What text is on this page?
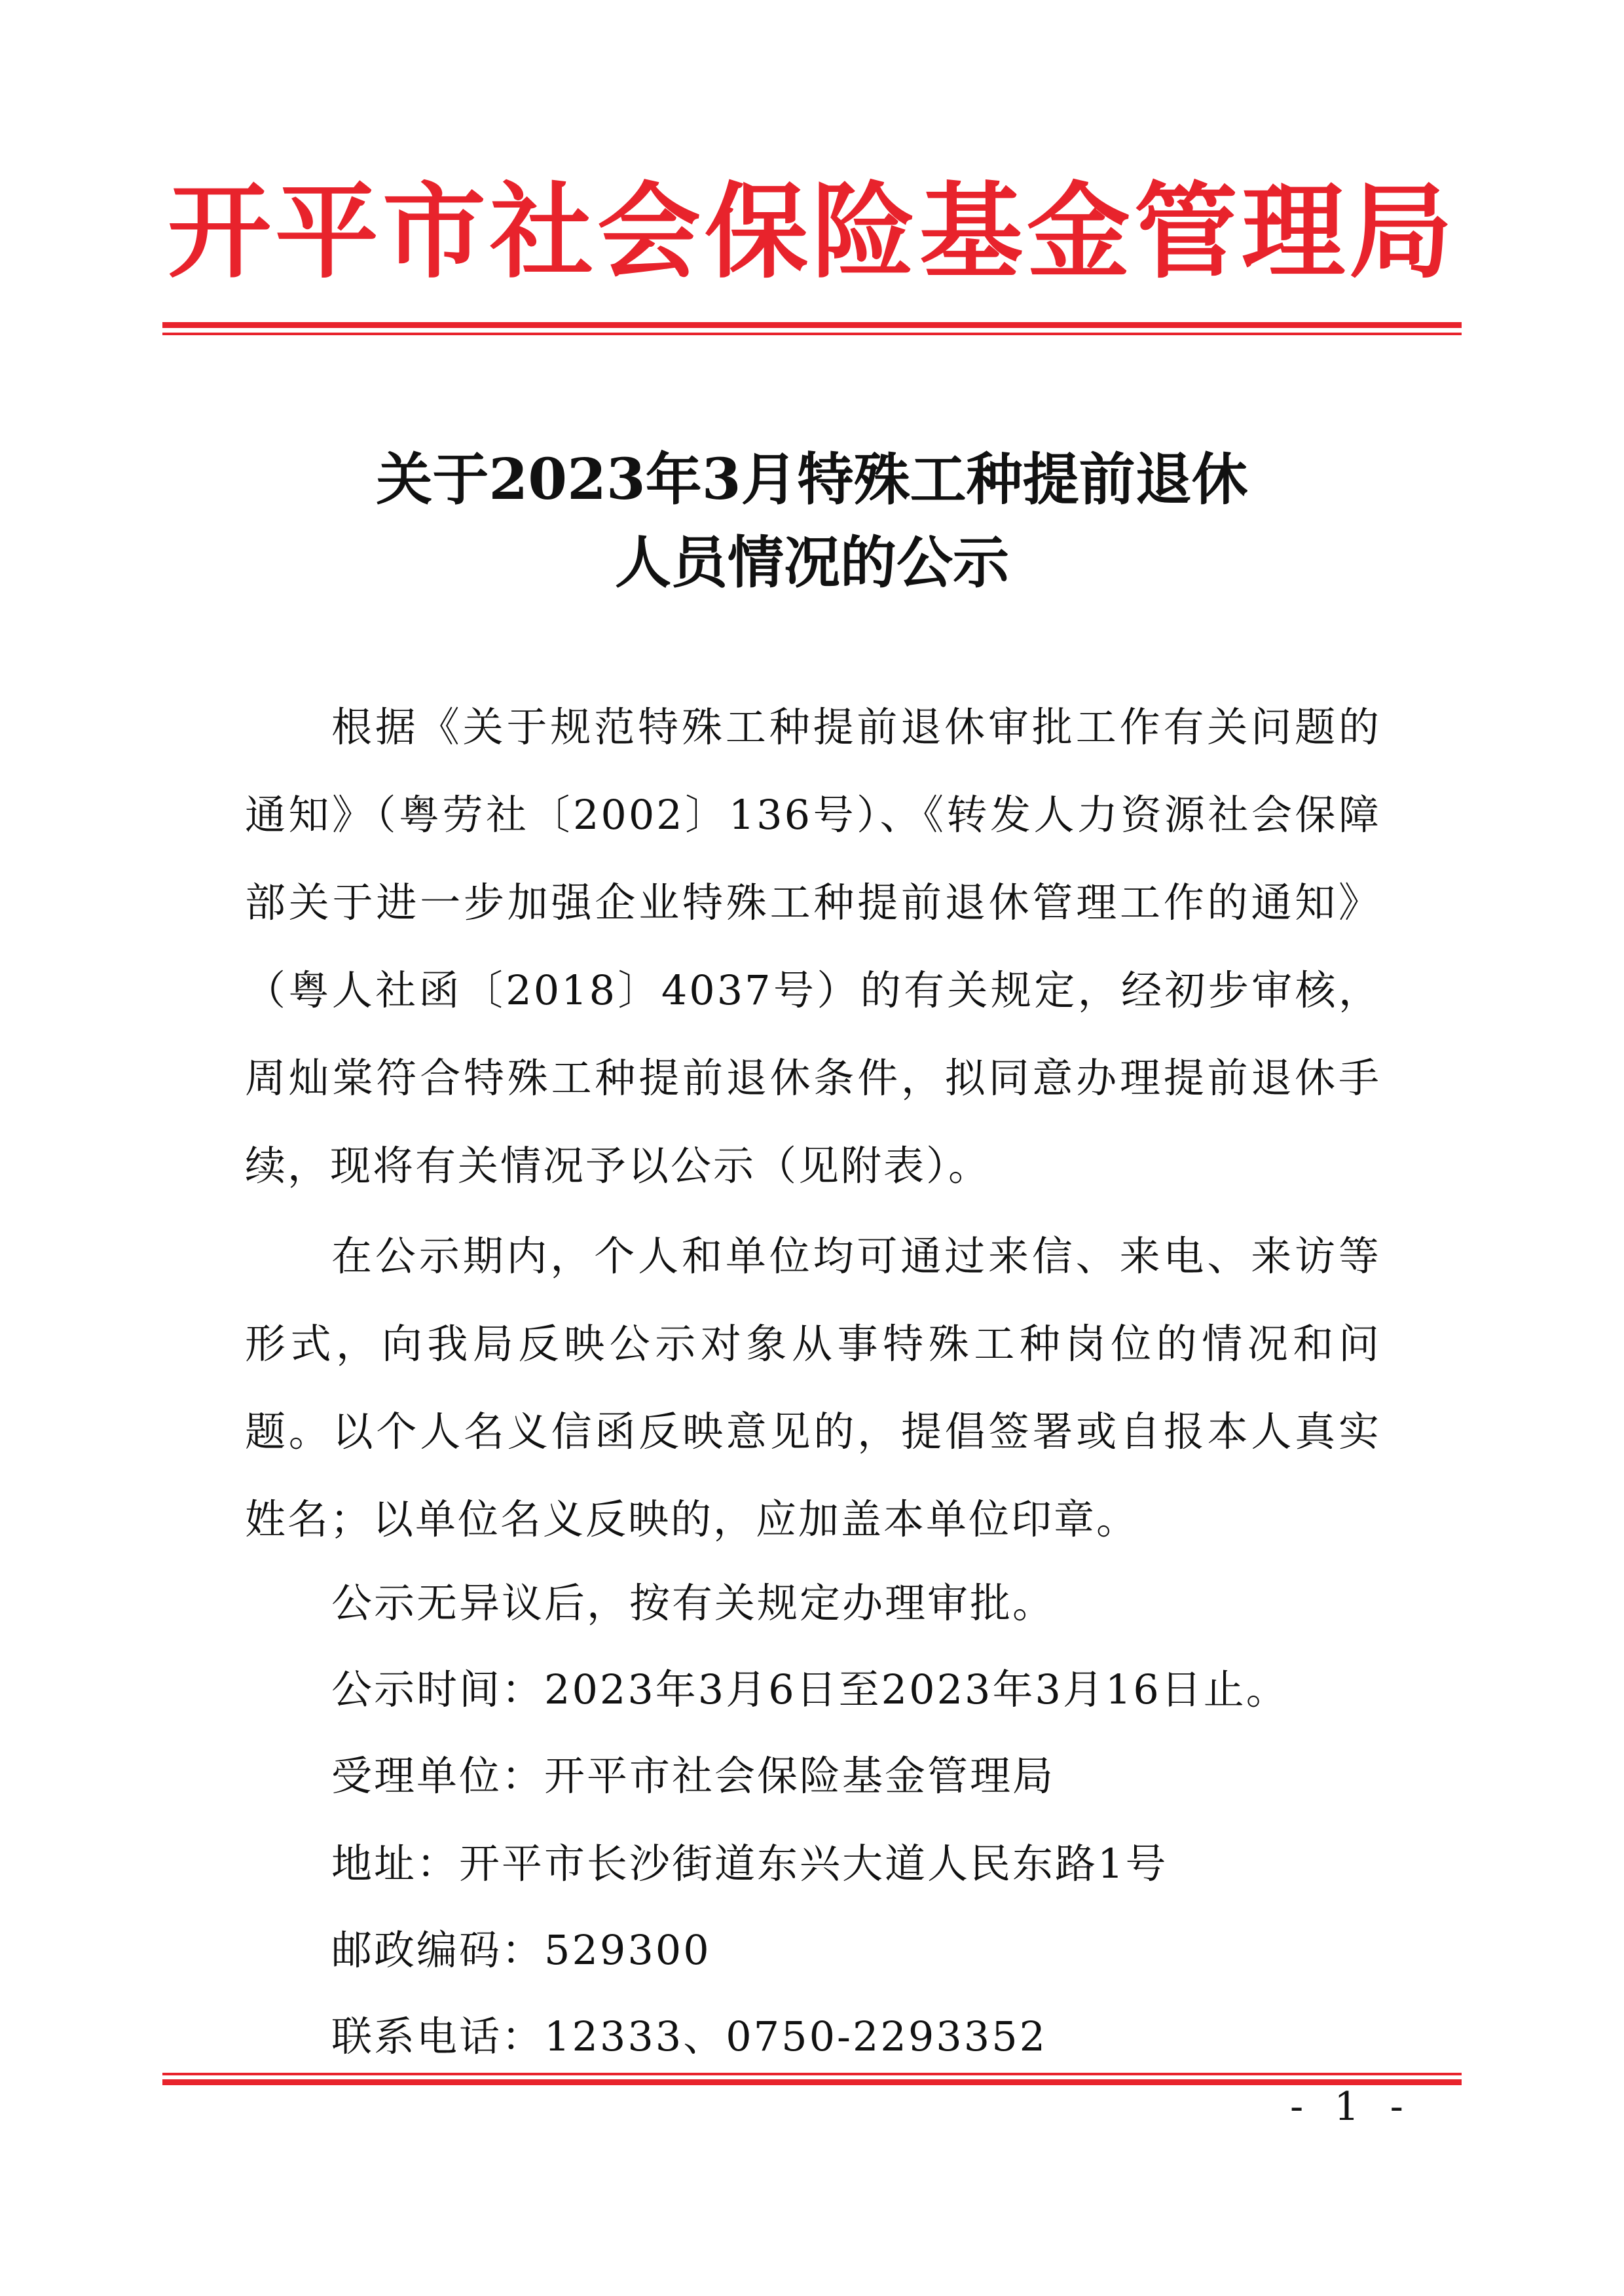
开平市社会保险基金管理局
关于2023年3月特殊工种提前退休
人员情况的公示
根据《关于规范特殊工种提前退休审批工作有关问题的通知》（粤劳社〔2002〕136号）、《转发人力资源社会保障部关于进一步加强企业特殊工种提前退休管理工作的通知》（粤人社函〔2018〕4037号）的有关规定，经初步审核，周灿棠符合特殊工种提前退休条件，拟同意办理提前退休手续，现将有关情况予以公示（见附表）。
在公示期内，个人和单位均可通过来信、来电、来访等形式，向我局反映公示对象从事特殊工种岗位的情况和问题。以个人名义信函反映意见的，提倡签署或自报本人真实姓名；以单位名义反映的，应加盖本单位印章。
公示无异议后，按有关规定办理审批。
公示时间：2023年3月6日至2023年3月16日止。
受理单位：开平市社会保险基金管理局
地址：开平市长沙街道东兴大道人民东路1号
邮政编码：529300
联系电话：12333、0750-2293352
- 1 -
